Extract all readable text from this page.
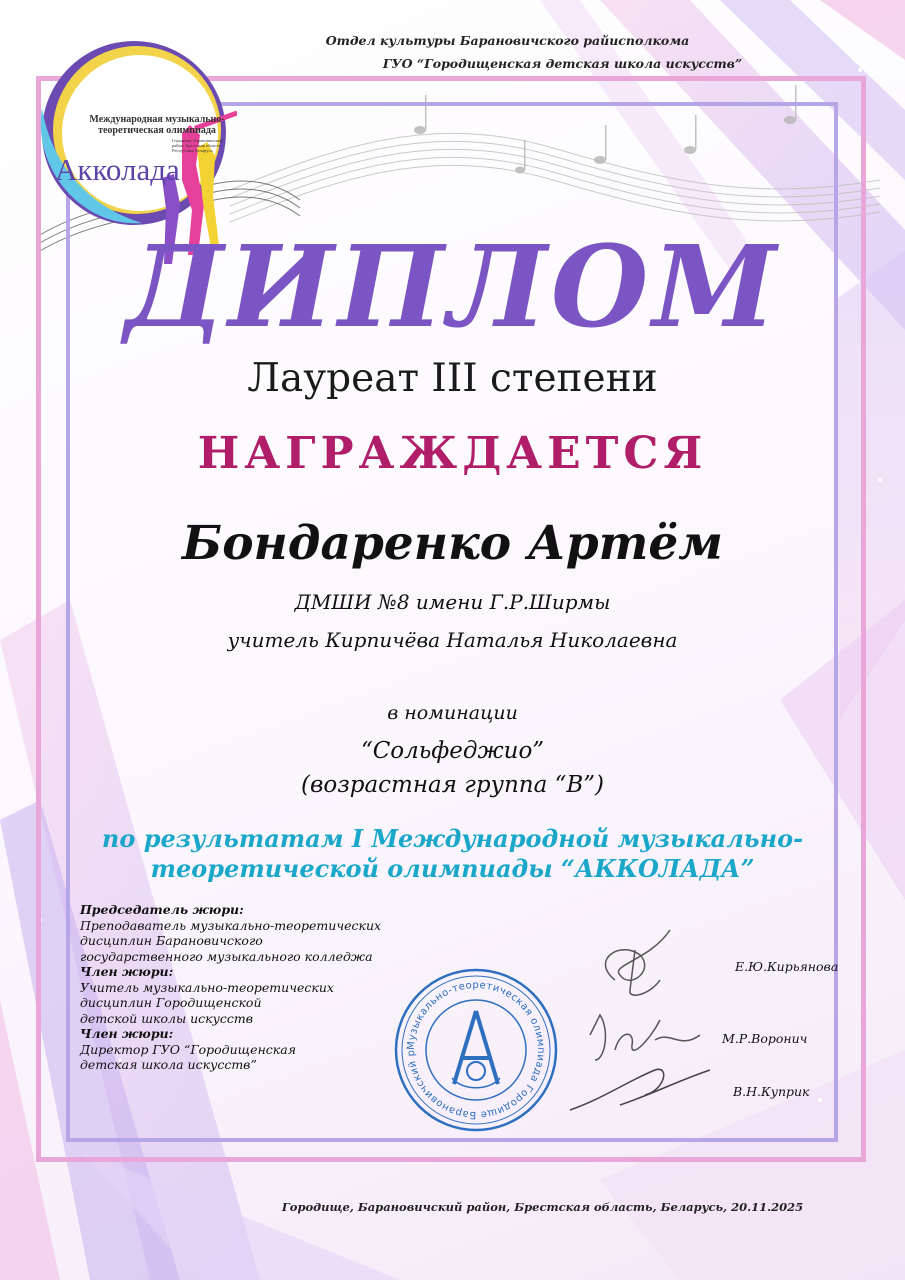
Отдел культуры Барановичского райисполкома
ГУО “Городищенская детская школа искусств”
Международная музыкально-теоретическая олимпиада
Акколада
Городище, Барановичский район, Брестская область, Республика Беларусь
ДИПЛОМ
Лауреат III степени
НАГРАЖДАЕТСЯ
Бондаренко Артём
ДМШИ №8 имени Г.Р.Ширмы
учитель Кирпичёва Наталья Николаевна
в номинации
“Сольфеджио”
(возрастная группа “В”)
по результатам I Международной музыкально-
теоретической олимпиады “АККОЛАДА”
Председатель жюри:
Преподаватель музыкально-теоретических
дисциплин Барановичского
государственного музыкального колледжа
Член жюри:
Учитель музыкально-теоретических
дисциплин Городищенской
детской школы искусств
Член жюри:
Директор ГУО “Городищенская
детская школа искусств”
Е.Ю.Кирьянова
М.Р.Воронич
В.Н.Куприк
Музыкально-теоретическая олимпиада Городище Барановичский р
Городище, Барановичский район, Брестская область, Беларусь, 20.11.2025
